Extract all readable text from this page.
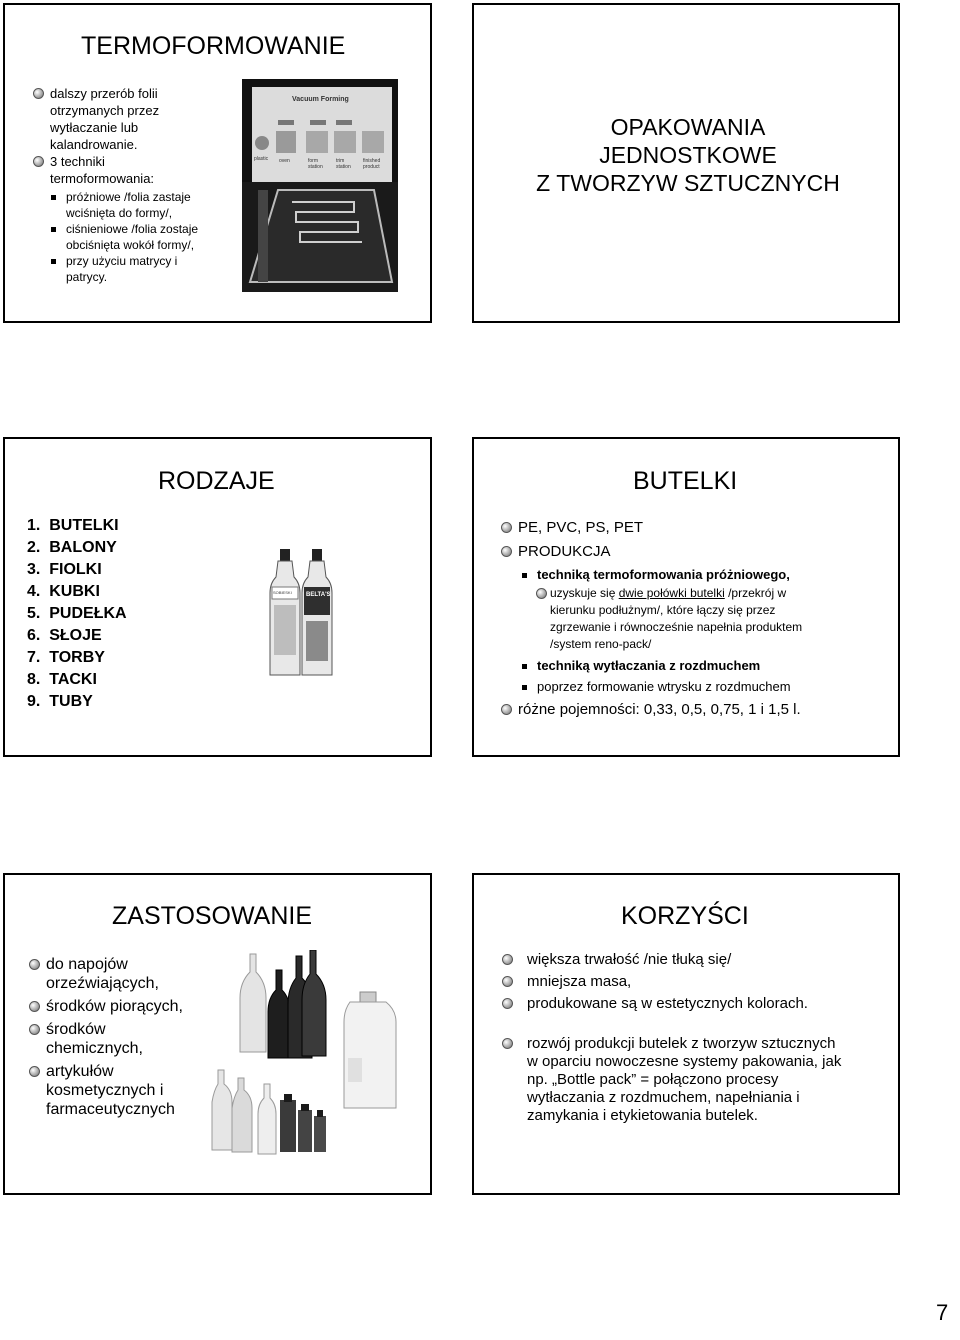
TERMOFORMOWANIE
dalszy przerób folii
otrzymanych przez
wytłaczanie lub
kalandrowanie.
3 techniki
termoformowania:
próżniowe /folia zastaje
wciśnięta do formy/,
ciśnieniowe /folia zostaje
obciśnięta wokół formy/,
przy użyciu matrycy i
patrycy.
Vacuum Forming
plastic oven	form station
trim station
finished product
OPAKOWANIA
JEDNOSTKOWE
Z TWORZYW SZTUCZNYCH
RODZAJE
1.  BUTELKI
2.  BALONY
3.  FIOLKI
4.  KUBKI
5.  PUDEŁKA
6.  SŁOJE
7.  TORBY
8.  TACKI
9.  TUBY
SOBIESKI BELTA'S
BUTELKI
PE, PVC, PS, PET
PRODUKCJA
techniką termoformowania próżniowego,
uzyskuje się dwie połówki butelki /przekrój w
kierunku podłużnym/, które łączy się przez
zgrzewanie i równocześnie napełnia produktem
/system reno-pack/
techniką wytłaczania z rozdmuchem
poprzez formowanie wtrysku z rozdmuchem
różne pojemności: 0,33, 0,5, 0,75, 1 i 1,5 l.
ZASTOSOWANIE
do napojów
orzeźwiających,
środków piorących,
środków
chemicznych,
artykułów
kosmetycznych i
farmaceutycznych
KORZYŚCI
większa trwałość /nie tłuką się/
mniejsza masa,
produkowane są w estetycznych kolorach.
rozwój produkcji butelek z tworzyw sztucznych
w oparciu nowoczesne systemy pakowania, jak
np. „Bottle pack” = połączono procesy
wytłaczania z rozdmuchem, napełniania i
zamykania i etykietowania butelek.
7
